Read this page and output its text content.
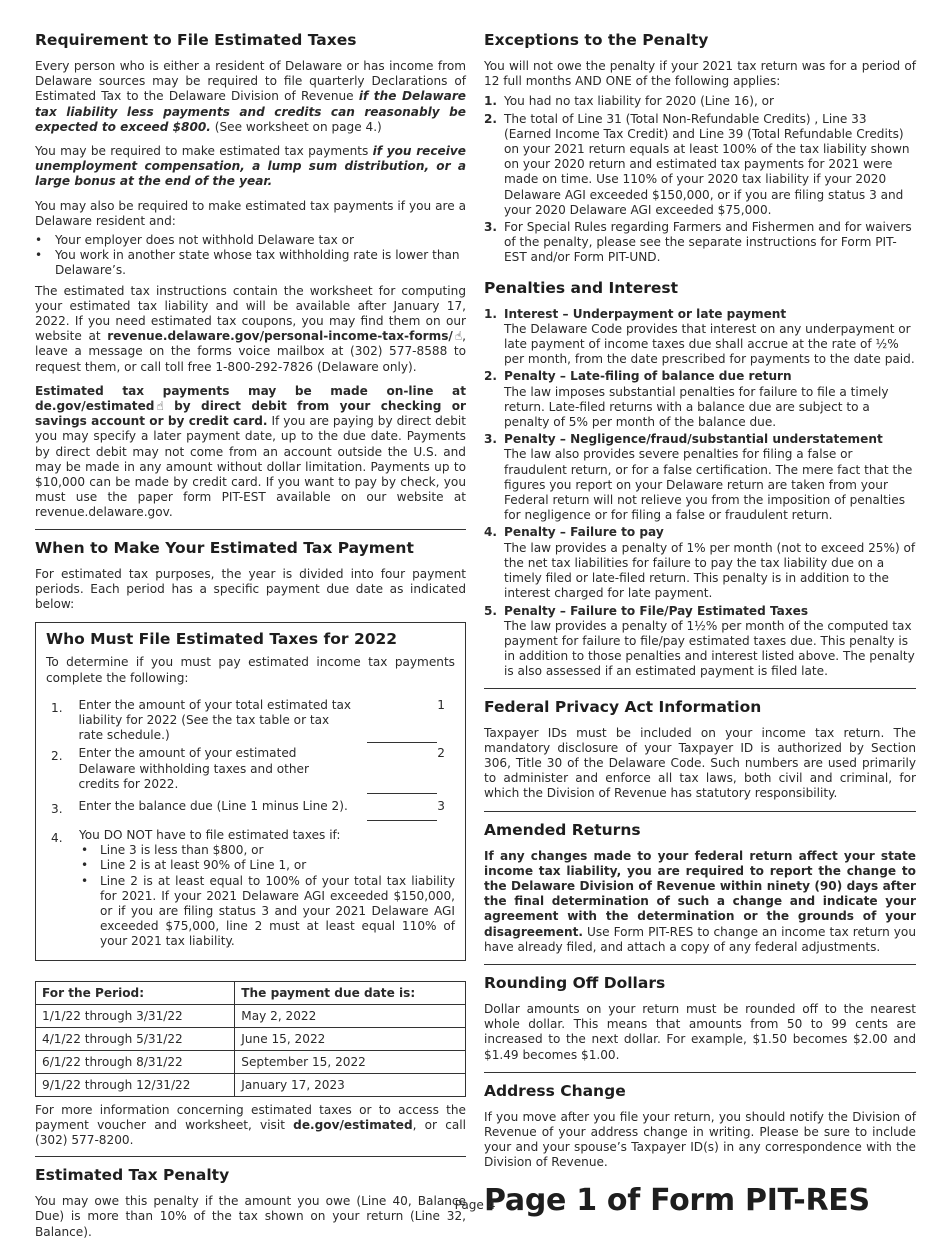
Requirement to File Estimated Taxes

Every person who is either a resident of Delaware or has income from Delaware sources may be required to file quarterly Declarations of Estimated Tax to the Delaware Division of Revenue if the Delaware tax liability less payments and credits can reasonably be expected to exceed $800. (See worksheet on page 4.)

You may be required to make estimated tax payments if you receive unemployment compensation, a lump sum distribution, or a large bonus at the end of the year.

You may also be required to make estimated tax payments if you are a Delaware resident and:

• Your employer does not withhold Delaware tax or
• You work in another state whose tax withholding rate is lower than Delaware’s.

The estimated tax instructions contain the worksheet for computing your estimated tax liability and will be available after January 17, 2022. If you need estimated tax coupons, you may find them on our website at revenue.delaware.gov/personal-income-tax-forms/ ☝, leave a message on the forms voice mailbox at (302) 577-8588 to request them, or call toll free 1-800-292-7826 (Delaware only).

Estimated tax payments may be made on-line at de.gov/estimated ☝ by direct debit from your checking or savings account or by credit card. If you are paying by direct debit you may specify a later payment date, up to the due date. Payments by direct debit may not come from an account outside the U.S. and may be made in any amount without dollar limitation. Payments up to $10,000 can be made by credit card. If you want to pay by check, you must use the paper form PIT-EST available on our website at revenue.delaware.gov.

When to Make Your Estimated Tax Payment

For estimated tax purposes, the year is divided into four payment periods. Each period has a specific payment due date as indicated below:

Who Must File Estimated Taxes for 2022

To determine if you must pay estimated income tax payments complete the following:

1.	Enter the amount of your total estimated tax liability for 2022 (See the tax table or tax rate schedule.)
1
2.	Enter the amount of your estimated Delaware withholding taxes and other credits for 2022.
2
3.	Enter the balance due (Line 1 minus Line 2).	3
4.	You DO NOT have to file estimated taxes if:
• Line 3 is less than $800, or
• Line 2 is at least 90% of Line 1, or
• Line 2 is at least equal to 100% of your total tax liability for 2021. If your 2021 Delaware AGI exceeded $150,000, or if you are filing status 3 and your 2021 Delaware AGI exceeded $75,000, line 2 must at least equal 110% of your 2021 tax liability.
For the Period:	The payment due date is:
1/1/22 through 3/31/22	May 2, 2022
4/1/22 through 5/31/22	June 15, 2022
6/1/22 through 8/31/22	September 15, 2022
9/1/22 through 12/31/22	January 17, 2023

For more information concerning estimated taxes or to access the payment voucher and worksheet, visit de.gov/estimated, or call (302) 577-8200.

Estimated Tax Penalty

You may owe this penalty if the amount you owe (Line 40, Balance Due) is more than 10% of the tax shown on your return (Line 32, Balance).

Exceptions to the Penalty

You will not owe the penalty if your 2021 tax return was for a period of 12 full months AND ONE of the following applies:

1. You had no tax liability for 2020 (Line 16), or
2. The total of Line 31 (Total Non-Refundable Credits) , Line 33 (Earned Income Tax Credit) and Line 39 (Total Refundable Credits) on your 2021 return equals at least 100% of the tax liability shown on your 2020 return and estimated tax payments for 2021 were made on time. Use 110% of your 2020 tax liability if your 2020 Delaware AGI exceeded $150,000, or if you are filing status 3 and your 2020 Delaware AGI exceeded $75,000.
3. For Special Rules regarding Farmers and Fishermen and for waivers of the penalty, please see the separate instructions for Form PIT-EST and/or Form PIT-UND.
Penalties and Interest
1. Interest – Underpayment or late payment
The Delaware Code provides that interest on any underpayment or late payment of income taxes due shall accrue at the rate of ½% per month, from the date prescribed for payments to the date paid.
2. Penalty – Late-filing of balance due return
The law imposes substantial penalties for failure to file a timely return. Late-filed returns with a balance due are subject to a penalty of 5% per month of the balance due.
3. Penalty – Negligence/fraud/substantial understatement
The law also provides severe penalties for filing a false or fraudulent return, or for a false certification. The mere fact that the figures you report on your Delaware return are taken from your Federal return will not relieve you from the imposition of penalties for negligence or for filing a false or fraudulent return.
4. Penalty – Failure to pay
The law provides a penalty of 1% per month (not to exceed 25%) of the net tax liabilities for failure to pay the tax liability due on a timely filed or late-filed return. This penalty is in addition to the interest charged for late payment.
5. Penalty – Failure to File/Pay Estimated Taxes
The law provides a penalty of 1½% per month of the computed tax payment for failure to file/pay estimated taxes due. This penalty is in addition to those penalties and interest listed above. The penalty is also assessed if an estimated payment is filed late.
Federal Privacy Act Information

Taxpayer IDs must be included on your income tax return. The mandatory disclosure of your Taxpayer ID is authorized by Section 306, Title 30 of the Delaware Code. Such numbers are used primarily to administer and enforce all tax laws, both civil and criminal, for which the Division of Revenue has statutory responsibility.

Amended Returns

If any changes made to your federal return affect your state income tax liability, you are required to report the change to the Delaware Division of Revenue within ninety (90) days after the final determination of such a change and indicate your agreement with the determination or the grounds of your disagreement. Use Form PIT-RES to change an income tax return you have already filed, and attach a copy of any federal adjustments.

Rounding Off Dollars

Dollar amounts on your return must be rounded off to the nearest whole dollar. This means that amounts from 50 to 99 cents are increased to the next dollar. For example, $1.50 becomes $2.00 and $1.49 becomes $1.00.

Address Change

If you move after you file your return, you should notify the Division of Revenue of your address change in writing. Please be sure to include your and your spouse’s Taxpayer ID(s) in any correspondence with the Division of Revenue.

Page 1 of Form PIT-RES
Page 4
